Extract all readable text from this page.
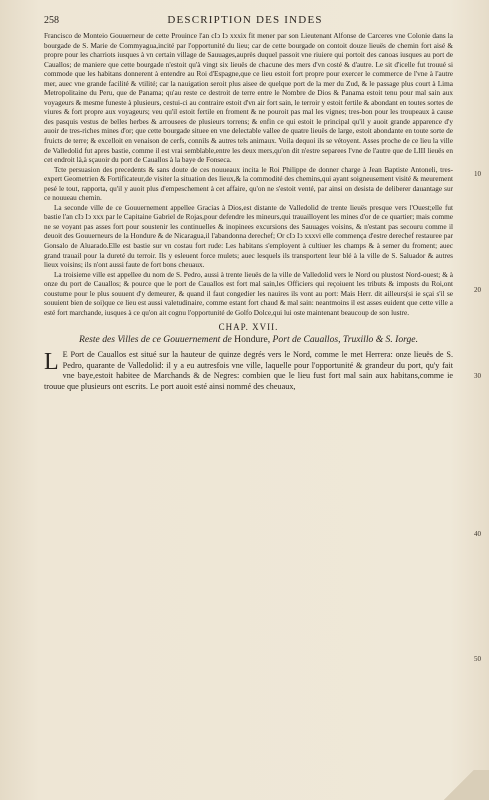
258	DESCRIPTION DES INDES
10
20
30
40
50

Francisco de Monteio Gouuerneur de cette Prouince l'an cIↄ Iↄ xxxix fit mener par son Lieutenant Alfonse de Carceres vne Colonie dans la bourgade de S. Marie de Commyagua,incité par l'opportunité du lieu; car de cette bourgade on contoit douze lieuës de chemin fort aisé & propre pour les charriots iusques à vn certain village de Sauuages,auprès duquel passoit vne riuiere qui portoit des canoas iusques au port de Cauallos; de maniere que cette bourgade n'estoit qu'à vingt six lieuës de chacune des mers d'vn costé & d'autre. Le sit d'icelle fut trouué si commode que les habitans donnerent à entendre au Roi d'Espagne,que ce lieu estoit fort propre pour exercer le commerce de l'vne à l'autre mer, auec vne grande facilité & vtilité; car la nauigation seroit plus aisee de quelque port de la mer du Zud, & le passage plus court à Lima Metropolitaine du Peru, que de Panama; qu'au reste ce destroit de terre entre le Nombre de Dios & Panama estoit tenu pour mal sain aux voyageurs & mesme funeste à plusieurs, cestui-ci au contraire estoit d'vn air fort sain, le terroir y estoit fertile & abondant en toutes sortes de viures & fort propre aux voyageurs; veu qu'il estoit fertile en froment & ne pouroit pas mal les vignes; tres-bon pour les troupeaux à cause des pasquis vestus de belles herbes & arrousees de plusieurs torrens; & enfin ce qui estoit le principal qu'il y auoit grande apparence d'y auoir de tres-riches mines d'or; que cette bourgade situee en vne delectable vallee de quatre lieuës de large, estoit abondante en toute sorte de fruicts de terre; & excelloit en venaison de cerfs, connils & autres tels animaux. Voila dequoi ils se vétoyent. Asses proche de ce lieu la ville de Valledolid fut apres bastie, comme il est vrai semblable,entre les deux mers,qu'on dit n'estre separees l'vne de l'autre que de LIII lieuës en cet endroit là,à sçauoir du port de Cauallos à la baye de Fonseca.

Tcte persuasion des precedents & sans doute de ces nouueaux incita le Roi Philippe de donner charge à Jean Baptiste Antoneli, tres-expert Geometrien & Fortificateur,de visiter la situation des lieux,& la commodité des chemins,qui ayant soigneusement visité & meurement pesé le tout, rapporta, qu'il y auoit plus d'empeschement à cet affaire, qu'on ne s'estoit venté, par ainsi on desista de deliberer dauantage sur ce nouueau chemin.

La seconde ville de ce Gouuernement appellee Gracias à Dios,est distante de Valledolid de trente lieuës presque vers l'Ouest;elle fut bastie l'an cIↄ Iↄ xxx par le Capitaine Gabriel de Rojas,pour defendre les mineurs,qui trauailloyent les mines d'or de ce quartier; mais comme ne se voyant pas asses fort pour soustenir les continuelles & inopinees excursions des Sauuages voisins, & n'estant pas secouru comme il deuoit des Gouuerneurs de la Hondure & de Nicaragua,il l'abandonna derechef; Or cIↄ Iↄ xxxvi elle commença d'estre derechef restauree par Gonsalo de Aluarado.Elle est bastie sur vn costau fort rude: Les habitans s'employent à cultiuer les champs & à semer du froment; auec grand trauail pour la dureté du terroir. Ils y esleuent force mulets; auec lesquels ils transportent leur blé à la ville de S. Saluador & autres lieux voisins; ils n'ont aussi faute de fort bons cheuaux.

La troisieme ville est appellee du nom de S. Pedro, aussi à trente lieuës de la ville de Valledolid vers le Nord ou plustost Nord-ouest; & à onze du port de Cauallos; & pource que le port de Cauallos est fort mal sain,les Officiers qui reçoiuent les tributs & imposts du Roi,ont coustume pour le plus souuent d'y demeurer, & quand il faut congedier les nauires ils vont au port: Mais Herr. dit ailleurs(si ie sçai s'il se souuient bien de soi)que ce lieu est aussi valetudinaire, comme estant fort chaud & mal sain: neantmoins il est asses euident que cette ville a esté fort marchande, iusques à ce qu'on ait cognu l'opportunité de Golfo Dolce,qui lui oste maintenant beaucoup de son lustre.

CHAP. XVII.
Reste des Villes de ce Gouuernement de Hondure, Port de Cauallos, Truxillo & S. Iorge.
L E Port de Cauallos est situé sur la hauteur de quinze degrés vers le Nord, comme le met Herrera: onze lieuës de S. Pedro, quarante de Valledolid: il y a eu autresfois vne ville, laquelle pour l'opportunité & grandeur du port, qu'y fait vne baye,estoit habitee de Marchands & de Negres: combien que le lieu fust fort mal sain aux habitans,comme ie trouue que plusieurs ont escrits. Le port auoit esté ainsi nommé des cheuaux,
